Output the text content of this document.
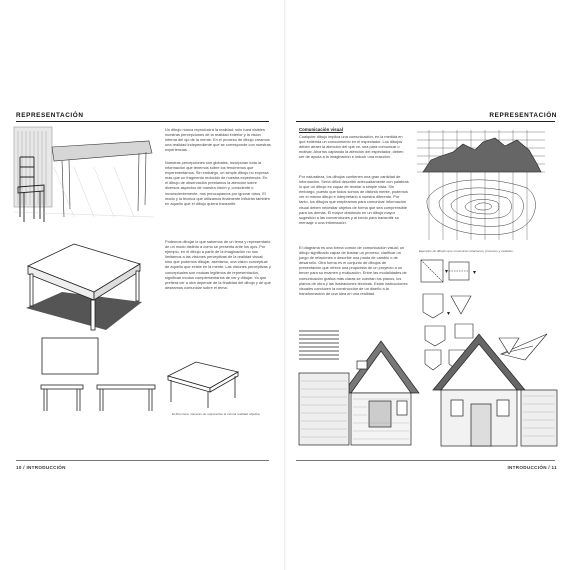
REPRESENTACIÓN

Un dibujo nunca reproducirá la realidad; solo hará visibles nuestras percepciones de la realidad exterior y la visión interna del ojo de la mente. En el proceso de dibujo creamos una realidad independiente que se corresponde con nuestras experiencias.

Nuestras percepciones son globales, incorporan toda la información que tenemos sobre los fenómenos que experimentamos. Sin embargo, un simple dibujo no expresa más que un fragmento reducido de nuestra experiencia. En el dibujo de observación prestamos la atención sobre diversos aspectos de nuestra visión y, consciente o inconscientemente, nos preocupamos por ignorar otros. El modo y la técnica que utilizamos finalmente influirán también en aquello que el dibujo quiera transmitir.

Podemos dibujar lo que sabemos de un tema y representarlo de un modo distinto a como se presenta ante los ojos. Por ejemplo, en el dibujo a partir de la imaginación no nos limitamos a las visiones perceptivas de la realidad visual; sino que podemos dibujar, asimismo, una visión conceptual de aquello que existe en la mente. Las visiones perceptivas y conceptuales son mutuas legítimos de representación, significan modos complementarios de ver y dibujar. Ya que prefiera ver a otra depende de la finalidad del dibujo y de qué deseamos comunicar sobre el tema.

El libro tiene maneras de representar la misma realidad objetiva.

10 / INTRODUCCIÓN
REPRESENTACIÓN

Comunicación visual

Cualquier dibujo implica una comunicación, en la medida en que extienda un conocimiento en el espectador. Los dibujos deben atraer la atención del que ve, sea para comunicar o motivar. Ahorros captando la atención del espectador, deben ser de ayuda a la imaginación e inducir una reacción.

Por naturaleza, los dibujos contienen una gran cantidad de información. Sería difícil describir adecuadamente con palabras lo que un dibujo es capaz de revelar a simple vista. Sin embargo, puesto que todos somos de distinta mente, podemos ver el mismo dibujo e interpretarlo a nuestra diferente. Por tanto, los dibujos que empleamos para comunicar información visual deben necesitar objetos de forma que sea comprensible para los demás. El mayor obstáculo en un dibujo mayor sugestión a las convenciones y al tondo para transmitir su mensaje o una información.

El diagrama es una forma común de comunicación visual; un dibujo significado capaz de ilustrar un proceso, clarificar un juego de relaciones o describir una pauta de cambio o de desarrollo. Otra forma es el conjunto de dibujos de presentación que ofrece una propuesta de un proyecto a un tercer para su examen y evaluación. Entre las modalidades de comunicación gráfica más claras se cuentan los planos, los planos de obra y las ilustraciones técnicas. Estas instrucciones visuales conducen la construcción de un diseño a la transformación de una idea en una realidad.

Ejemplos de dibujos que comunican relaciones, procesos y modelos.

INTRODUCCIÓN / 11
